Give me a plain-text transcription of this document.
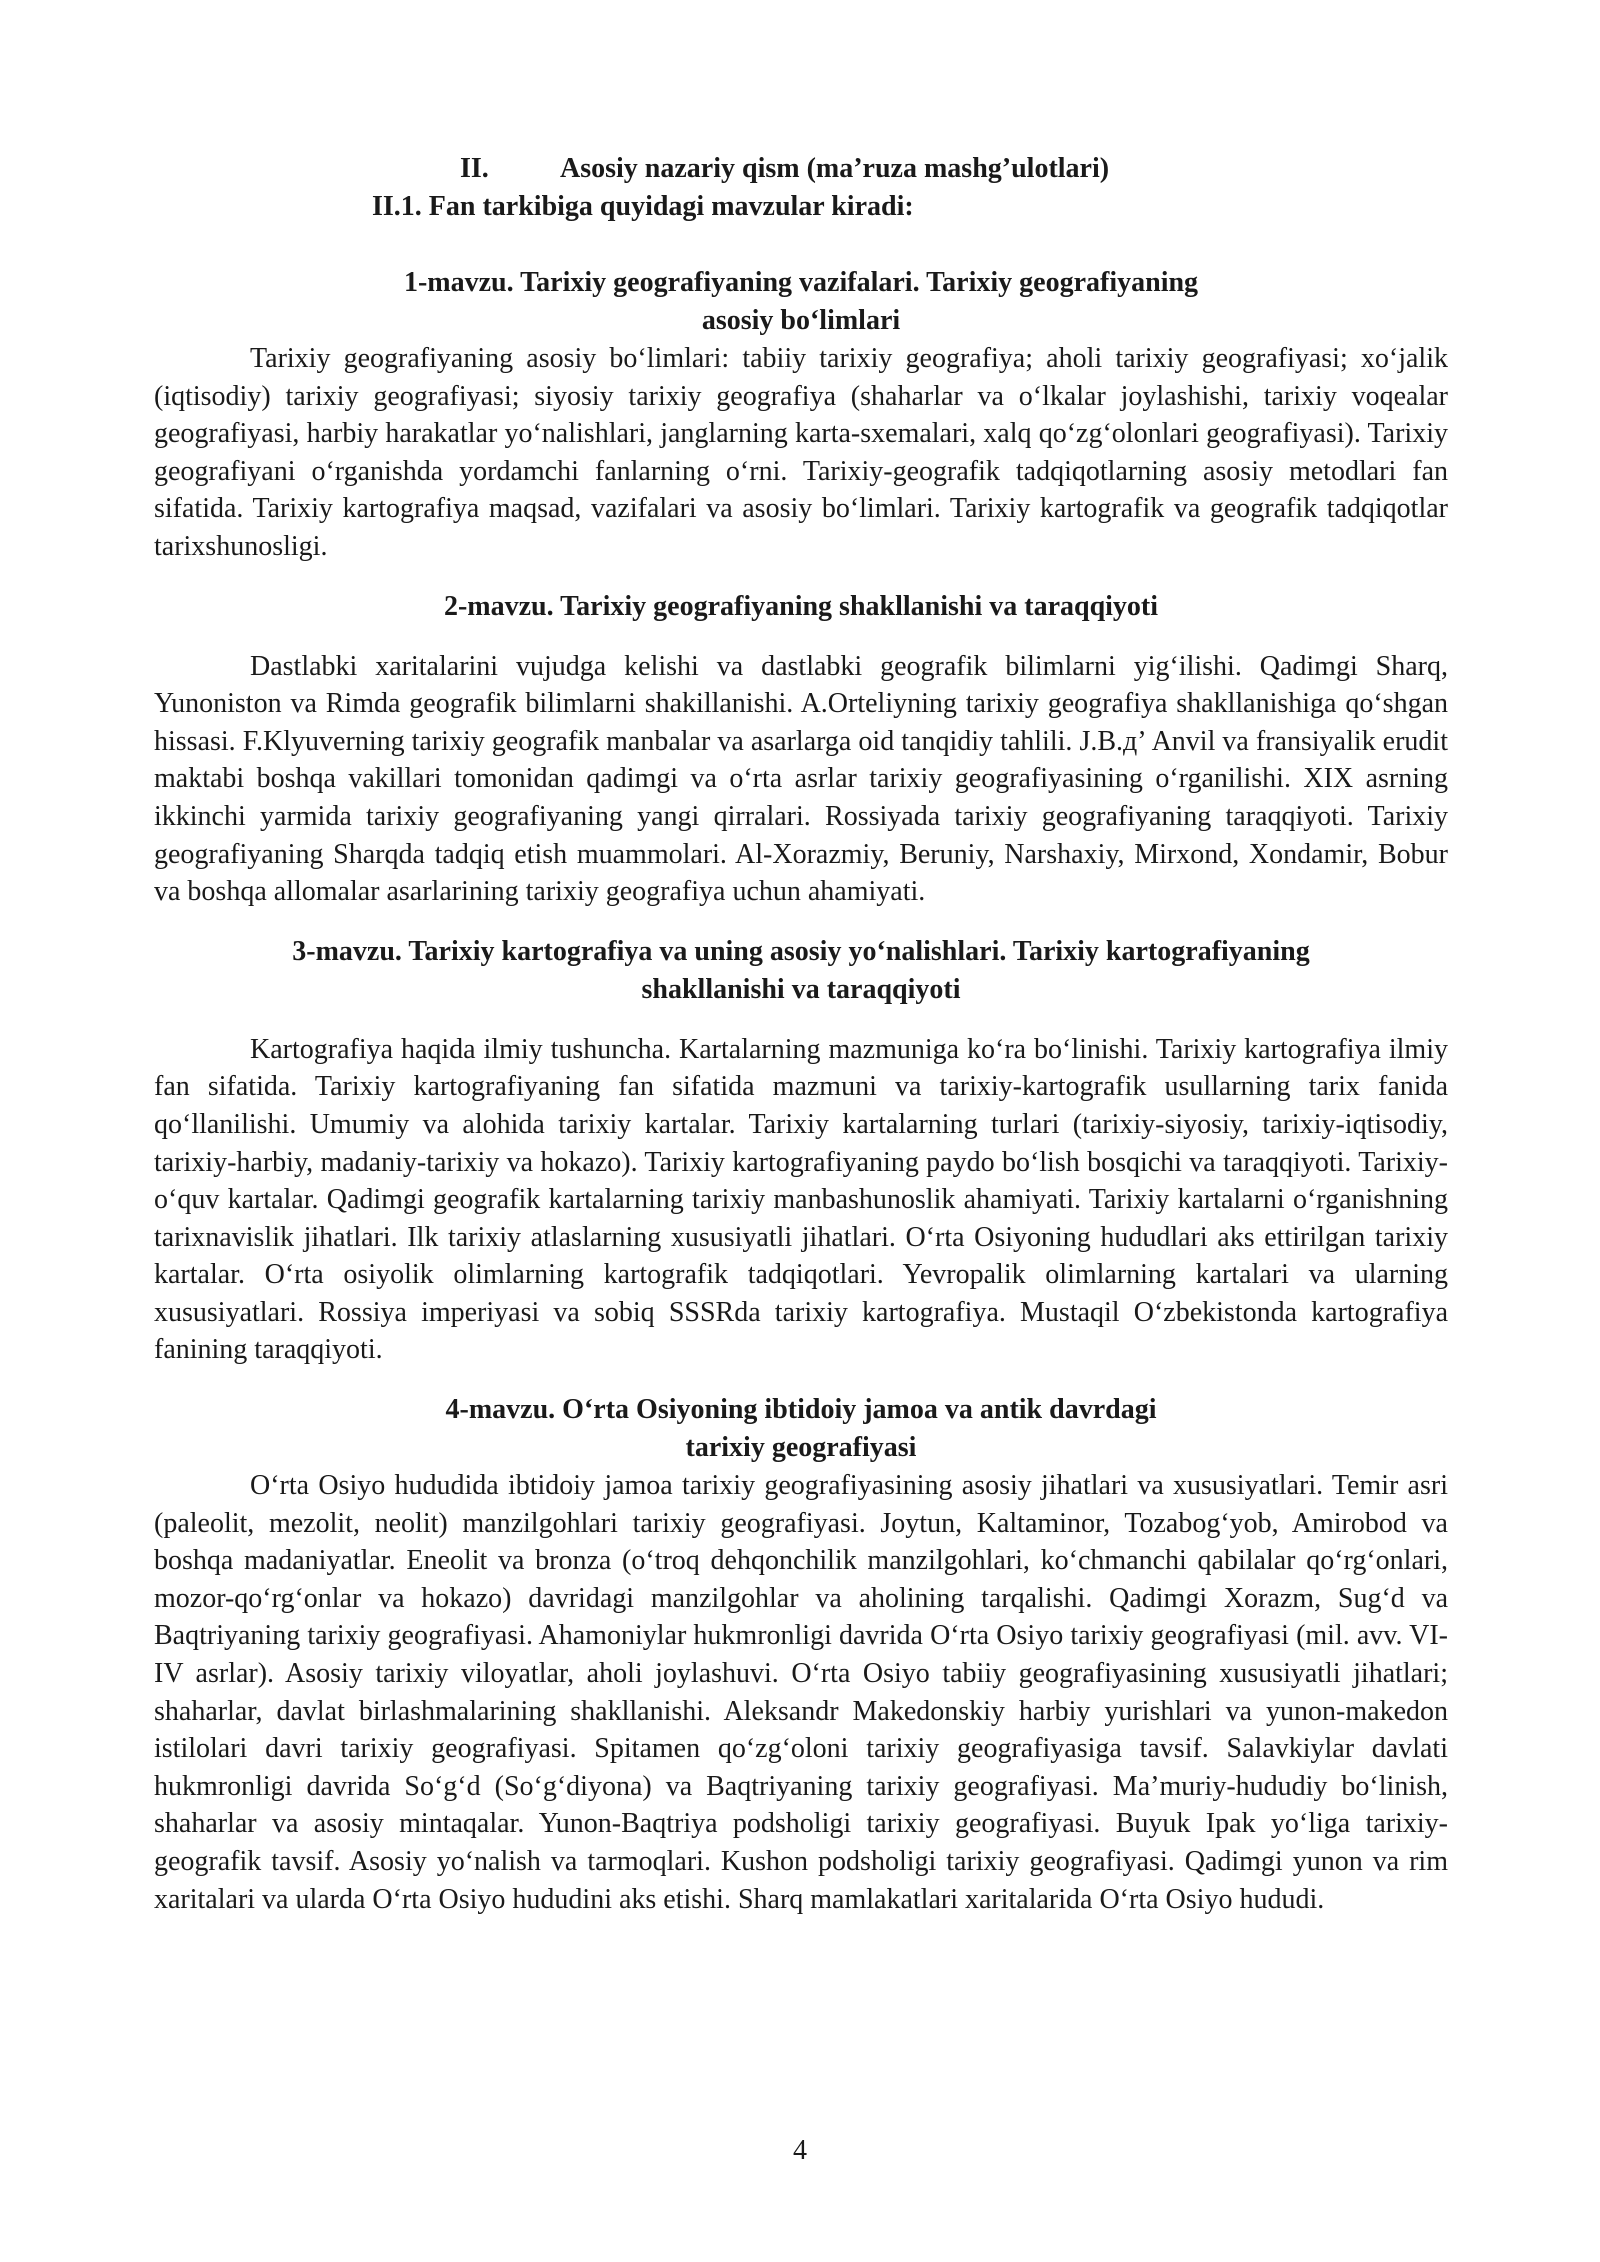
II.	Asosiy nazariy qism (ma’ruza mashg’ulotlari)

II.1. Fan tarkibiga quyidagi mavzular kiradi:

1-mavzu. Tarixiy geografiyaning vazifalari. Tarixiy geografiyaning
asosiy bo‘limlari

Tarixiy geografiyaning asosiy bo‘limlari: tabiiy tarixiy geografiya; aholi tarixiy geografiyasi; xo‘jalik (iqtisodiy) tarixiy geografiyasi; siyosiy tarixiy geografiya (shaharlar va o‘lkalar joylashishi, tarixiy voqealar geografiyasi, harbiy harakatlar yo‘nalishlari, janglarning karta-sxemalari, xalq qo‘zg‘olonlari geografiyasi). Tarixiy geografiyani o‘rganishda yordamchi fanlarning o‘rni. Tarixiy-geografik tadqiqotlarning asosiy metodlari fan sifatida. Tarixiy kartografiya maqsad, vazifalari va asosiy bo‘limlari. Tarixiy kartografik va geografik tadqiqotlar tarixshunosligi.

2-mavzu. Tarixiy geografiyaning shakllanishi va taraqqiyoti

Dastlabki xaritalarini vujudga kelishi va dastlabki geografik bilimlarni yig‘ilishi. Qadimgi Sharq, Yunoniston va Rimda geografik bilimlarni shakillanishi. A.Orteliyning tarixiy geografiya shakllanishiga qo‘shgan hissasi. F.Klyuverning tarixiy geografik manbalar va asarlarga oid tanqidiy tahlili. J.B.д’ Anvil va fransiyalik erudit maktabi boshqa vakillari tomonidan qadimgi va o‘rta asrlar tarixiy geografiyasining o‘rganilishi. XIX asrning ikkinchi yarmida tarixiy geografiyaning yangi qirralari. Rossiyada tarixiy geografiyaning taraqqiyoti. Tarixiy geografiyaning Sharqda tadqiq etish muammolari. Al-Xorazmiy, Beruniy, Narshaxiy, Mirxond, Xondamir, Bobur va boshqa allomalar asarlarining tarixiy geografiya uchun ahamiyati.

3-mavzu. Tarixiy kartografiya va uning asosiy yo‘nalishlari. Tarixiy kartografiyaning
shakllanishi va taraqqiyoti

Kartografiya haqida ilmiy tushuncha. Kartalarning mazmuniga ko‘ra bo‘linishi. Tarixiy kartografiya ilmiy fan sifatida. Tarixiy kartografiyaning fan sifatida mazmuni va tarixiy-kartografik usullarning tarix fanida qo‘llanilishi. Umumiy va alohida tarixiy kartalar. Tarixiy kartalarning turlari (tarixiy-siyosiy, tarixiy-iqtisodiy, tarixiy-harbiy, madaniy-tarixiy va hokazo). Tarixiy kartografiyaning paydo bo‘lish bosqichi va taraqqiyoti. Tarixiy-o‘quv kartalar. Qadimgi geografik kartalarning tarixiy manbashunoslik ahamiyati. Tarixiy kartalarni o‘rganishning tarixnavislik jihatlari. Ilk tarixiy atlaslarning xususiyatli jihatlari. O‘rta Osiyoning hududlari aks ettirilgan tarixiy kartalar. O‘rta osiyolik olimlarning kartografik tadqiqotlari. Yevropalik olimlarning kartalari va ularning xususiyatlari. Rossiya imperiyasi va sobiq SSSRda tarixiy kartografiya. Mustaqil O‘zbekistonda kartografiya fanining taraqqiyoti.

4-mavzu. O‘rta Osiyoning ibtidoiy jamoa va antik davrdagi
tarixiy geografiyasi

O‘rta Osiyo hududida ibtidoiy jamoa tarixiy geografiyasining asosiy jihatlari va xususiyatlari. Temir asri (paleolit, mezolit, neolit) manzilgohlari tarixiy geografiyasi. Joytun, Kaltaminor, Tozabog‘yob, Amirobod va boshqa madaniyatlar. Eneolit va bronza (o‘troq dehqonchilik manzilgohlari, ko‘chmanchi qabilalar qo‘rg‘onlari, mozor-qo‘rg‘onlar va hokazo) davridagi manzilgohlar va aholining tarqalishi. Qadimgi Xorazm, Sug‘d va Baqtriyaning tarixiy geografiyasi. Ahamoniylar hukmronligi davrida O‘rta Osiyo tarixiy geografiyasi (mil. avv. VI-IV asrlar). Asosiy tarixiy viloyatlar, aholi joylashuvi. O‘rta Osiyo tabiiy geografiyasining xususiyatli jihatlari; shaharlar, davlat birlashmalarining shakllanishi. Aleksandr Makedonskiy harbiy yurishlari va yunon-makedon istilolari davri tarixiy geografiyasi. Spitamen qo‘zg‘oloni tarixiy geografiyasiga tavsif. Salavkiylar davlati hukmronligi davrida So‘g‘d (So‘g‘diyona) va Baqtriyaning tarixiy geografiyasi. Ma’muriy-hududiy bo‘linish, shaharlar va asosiy mintaqalar. Yunon-Baqtriya podsholigi tarixiy geografiyasi. Buyuk Ipak yo‘liga tarixiy-geografik tavsif. Asosiy yo‘nalish va tarmoqlari. Kushon podsholigi tarixiy geografiyasi. Qadimgi yunon va rim xaritalari va ularda O‘rta Osiyo hududini aks etishi. Sharq mamlakatlari xaritalarida O‘rta Osiyo hududi.

4
